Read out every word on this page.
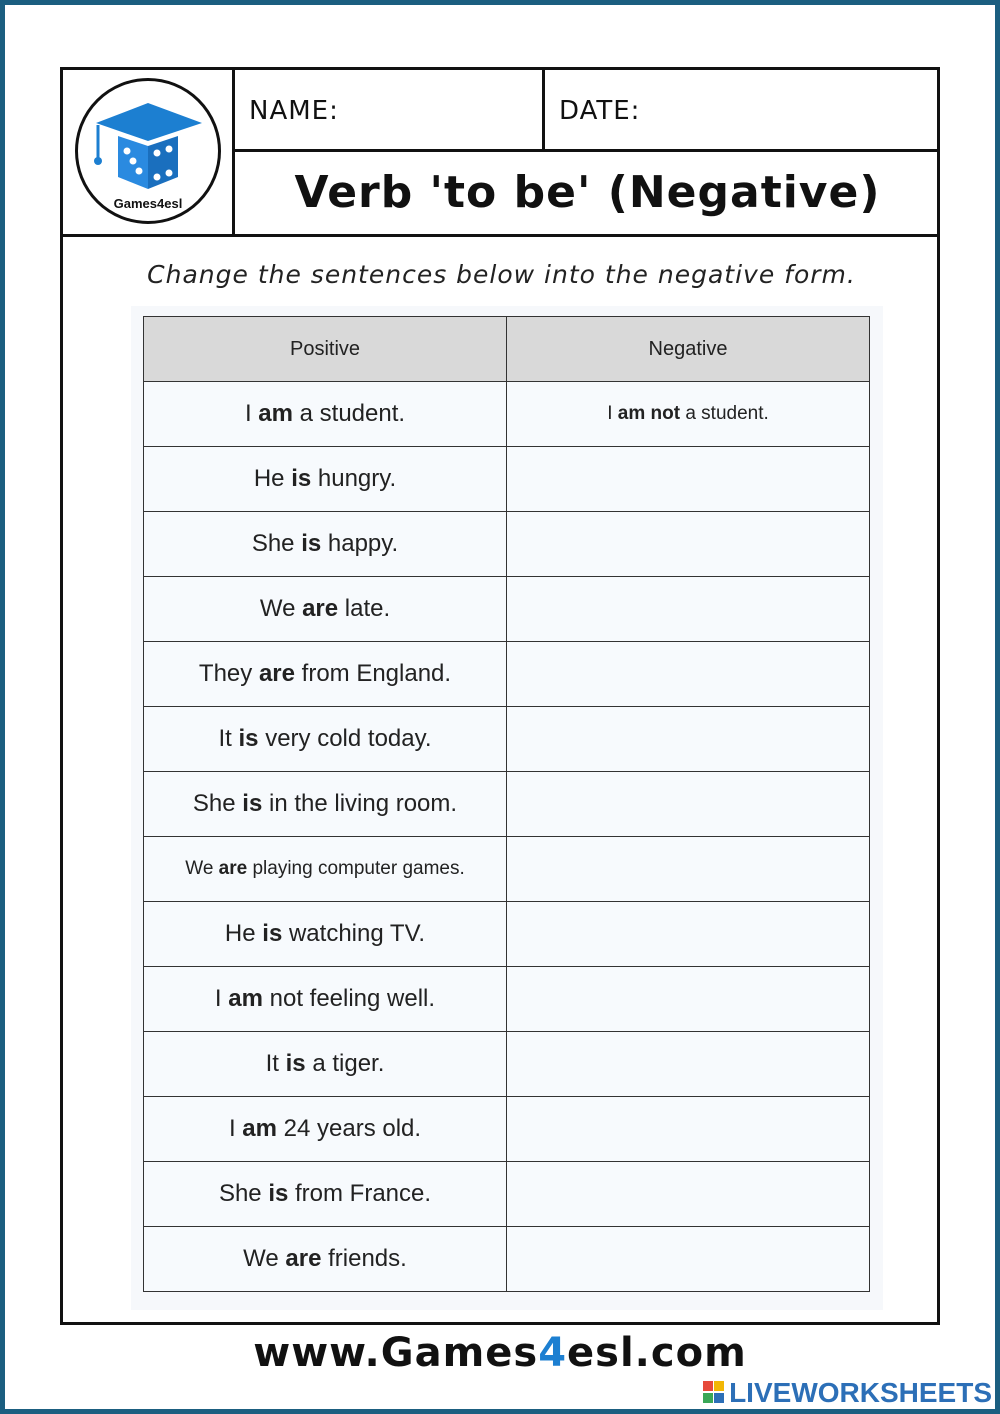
Games4esl
NAME:	DATE:
Verb 'to be' (Negative)
Change the sentences below into the negative form.
Positive	Negative
I am a student.	I am not a student.
He is hungry.	
She is happy.	
We are late.	
They are from England.	
It is very cold today.	
She is in the living room.	
We are playing computer games.	
He is watching TV.	
I am not feeling well.	
It is a tiger.	
I am 24 years old.	
She is from France.	
We are friends.	
www.Games4esl.com
LIVEWORKSHEETS
